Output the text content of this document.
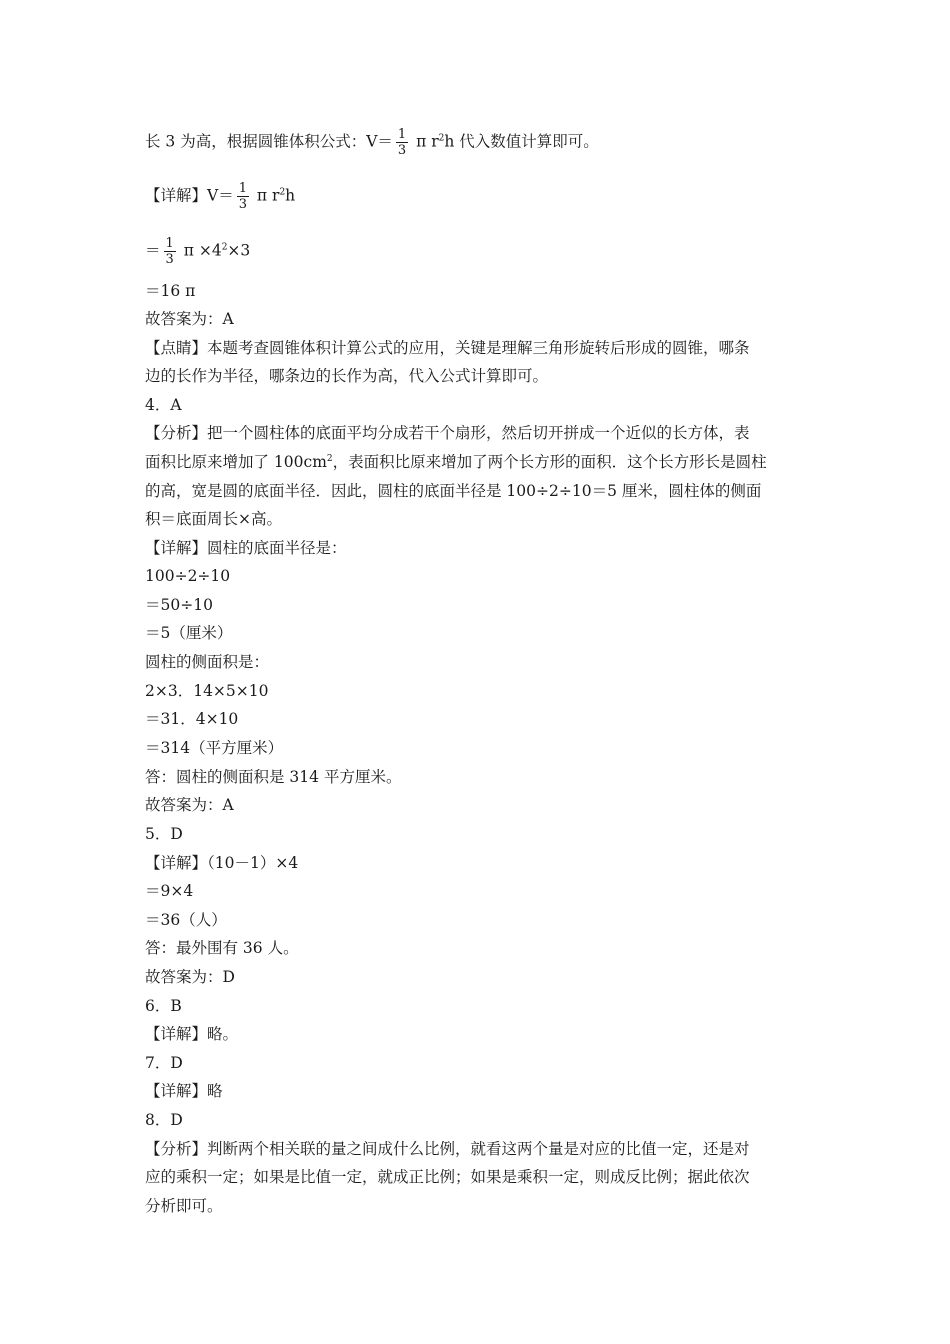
长 3 为高，根据圆锥体积公式：$V= \frac{1}{3}$ π $r^2h$ 代入数值计算即可。
【详解】$V= \frac{1}{3}$ π $r^2h$
＝ $\frac{1}{3}$ $\pi \times 4^2\times 3$
＝16 π
故答案为：A
【点睛】本题考查圆锥体积计算公式的应用，关键是理解三角形旋转后形成的圆锥，哪条
边的长作为半径，哪条边的长作为高，代入公式计算即可。
4．A
【分析】把一个圆柱体的底面平均分成若干个扇形，然后切开拼成一个近似的长方体，表
面积比原来增加了 $100cm^2$，表面积比原来增加了两个长方形的面积．这个长方形长是圆柱
的高，宽是圆的底面半径．因此，圆柱的底面半径是 100÷2÷10＝5 厘米，圆柱体的侧面
积＝底面周长×高。
【详解】圆柱的底面半径是：
100÷2÷10
＝50÷10
＝5（厘米）
圆柱的侧面积是：
2×3．14×5×10
＝31．4×10
＝314（平方厘米）
答：圆柱的侧面积是 314 平方厘米。
故答案为：A
5．D
【详解】（10－1）×4
＝9×4
＝36（人）
答：最外围有 36 人。
故答案为：D
6．B
【详解】略。
7．D
【详解】略
8．D
【分析】判断两个相关联的量之间成什么比例，就看这两个量是对应的比值一定，还是对
应的乘积一定；如果是比值一定，就成正比例；如果是乘积一定，则成反比例；据此依次
分析即可。
